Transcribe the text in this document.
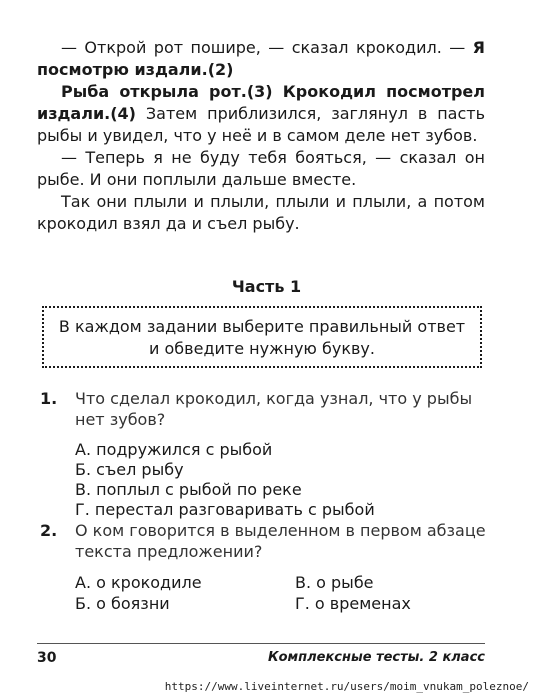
— Открой рот пошире, — сказал крокодил. — Я посмотрю издали.(2)

Рыба открыла рот.(3) Крокодил посмотрел издали.(4) Затем приблизился, заглянул в пасть рыбы и увидел, что у неё и в самом деле нет зубов.

— Теперь я не буду тебя бояться, — сказал он рыбе. И они поплыли дальше вместе.

Так они плыли и плыли, плыли и плыли, а потом крокодил взял да и съел рыбу.

Часть 1
В каждом задании выберите правильный ответ
и обведите нужную букву.
1. Что сделал крокодил, когда узнал, что у рыбы нет зубов?
А. подружился с рыбой
Б. съел рыбу
В. поплыл с рыбой по реке
Г. перестал разговаривать с рыбой
2. О ком говорится в выделенном в первом абзаце текста предложении?
А. о крокодиле	В. о рыбе
Б. о боязни	Г. о временах
30	Комплексные тесты. 2 класс
https://www.liveinternet.ru/users/moim_vnukam_poleznoe/
